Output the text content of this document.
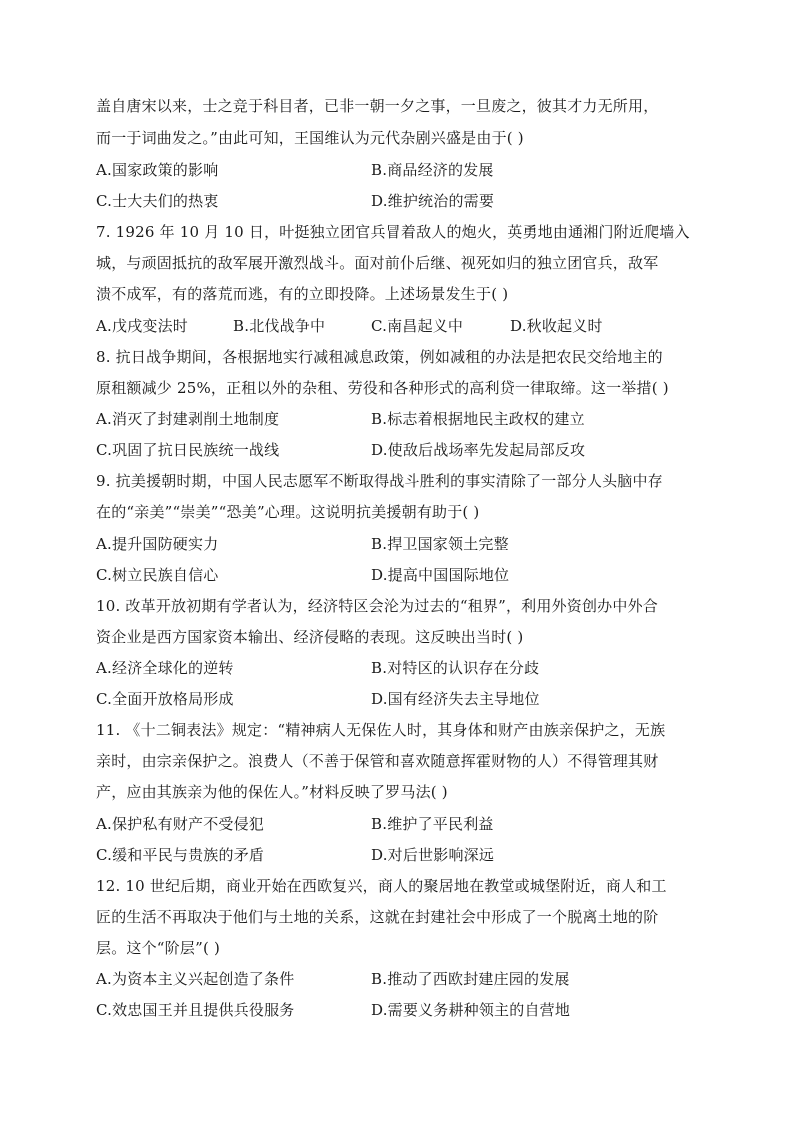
盖自唐宋以来，士之竞于科目者，已非一朝一夕之事，一旦废之，彼其才力无所用，
而一于词曲发之。”由此可知，王国维认为元代杂剧兴盛是由于( )
A.国家政策的影响	B.商品经济的发展
C.士大夫们的热衷	D.维护统治的需要
7. 1926 年 10 月 10 日，叶挺独立团官兵冒着敌人的炮火，英勇地由通湘门附近爬墙入
城，与顽固抵抗的敌军展开激烈战斗。面对前仆后继、视死如归的独立团官兵，敌军
溃不成军，有的落荒而逃，有的立即投降。上述场景发生于( )
A.戊戌变法时	B.北伐战争中	C.南昌起义中	D.秋收起义时
8. 抗日战争期间，各根据地实行减租减息政策，例如减租的办法是把农民交给地主的
原租额减少 25%，正租以外的杂租、劳役和各种形式的高利贷一律取缔。这一举措( )
A.消灭了封建剥削土地制度	B.标志着根据地民主政权的建立
C.巩固了抗日民族统一战线	D.使敌后战场率先发起局部反攻
9. 抗美援朝时期，中国人民志愿军不断取得战斗胜利的事实清除了一部分人头脑中存
在的“亲美”“崇美”“恐美”心理。这说明抗美援朝有助于( )
A.提升国防硬实力	B.捍卫国家领土完整
C.树立民族自信心	D.提高中国国际地位
10. 改革开放初期有学者认为，经济特区会沦为过去的“租界”，利用外资创办中外合
资企业是西方国家资本输出、经济侵略的表现。这反映出当时( )
A.经济全球化的逆转	B.对特区的认识存在分歧
C.全面开放格局形成	D.国有经济失去主导地位
11. 《十二铜表法》规定：“精神病人无保佐人时，其身体和财产由族亲保护之，无族
亲时，由宗亲保护之。浪费人（不善于保管和喜欢随意挥霍财物的人）不得管理其财
产，应由其族亲为他的保佐人。”材料反映了罗马法( )
A.保护私有财产不受侵犯	B.维护了平民利益
C.缓和平民与贵族的矛盾	D.对后世影响深远
12. 10 世纪后期，商业开始在西欧复兴，商人的聚居地在教堂或城堡附近，商人和工
匠的生活不再取决于他们与土地的关系，这就在封建社会中形成了一个脱离土地的阶
层。这个“阶层”( )
A.为资本主义兴起创造了条件	B.推动了西欧封建庄园的发展
C.效忠国王并且提供兵役服务	D.需要义务耕种领主的自营地
